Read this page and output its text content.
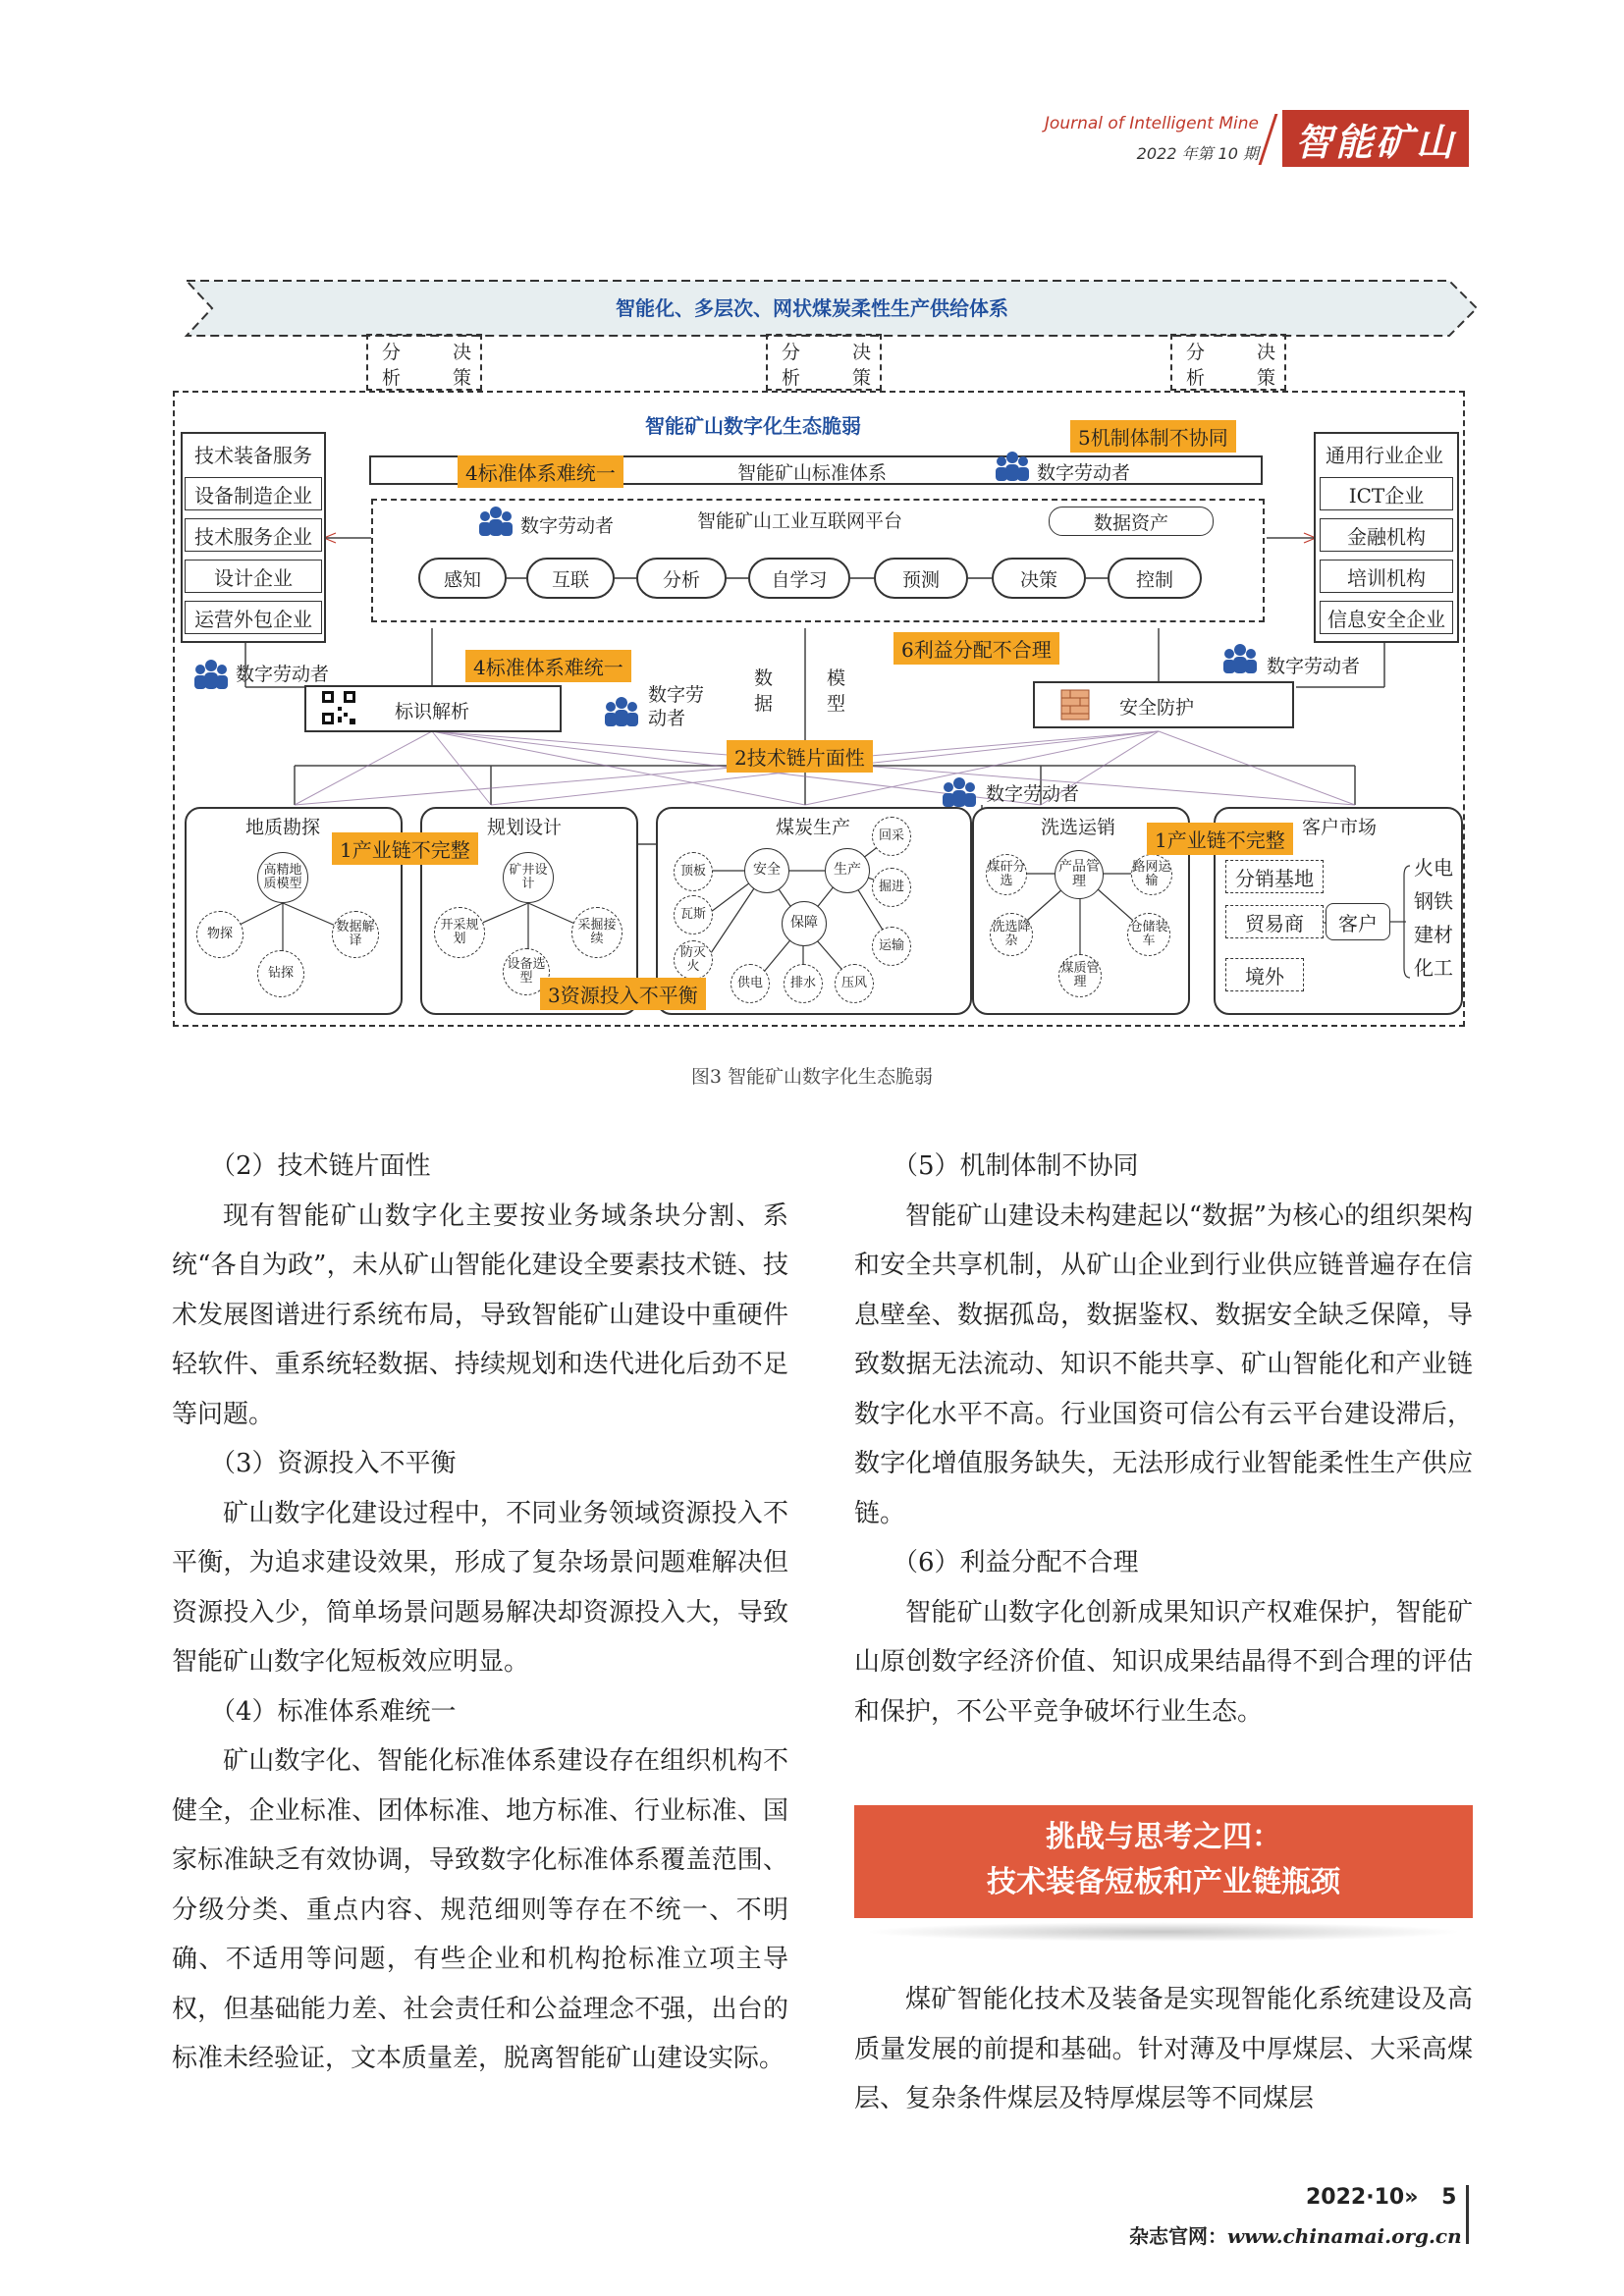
Journal of Intelligent Mine
2022 年第 10 期 智能矿山
智能化、多层次、网状煤炭柔性生产供给体系
分
析
决
策
分
析
决
策
分
析
决
策
智能矿山数字化生态脆弱
技术装备服务
设备制造企业
技术服务企业
设计企业
运营外包企业
通用行业企业
ICT企业
金融机构
培训机构
信息安全企业
智能矿山标准体系
智能矿山工业互联网平台	数据资产
数字劳动者
数字劳动者
数字劳动者
数字劳动者
数字劳动者
数字劳动者
感知	互联	分析	自学习	预测	决策	控制
标识解析	安全防护
数
据
模
型
4标准体系难统一
5机制体制不协同
4标准体系难统一
6利益分配不合理
2技术链片面性
地质勘探
高精地质模型
物探
钻探
数据解译
规划设计
矿井设计
开采规划
设备选型
采掘接续
煤炭生产
安全	生产
保障
顶板
瓦斯
防灭火
回采
掘进
运输
供电	排水	压风
洗选运销
产品管理
煤矸分选
洗选降杂
煤质管理
仓储装车
路网运输
客户市场
分销基地
贸易商
境外
客户
火电
钢铁
建材
化工
1产业链不完整	1产业链不完整
3资源投入不平衡
图3 智能矿山数字化生态脆弱

（2）技术链片面性

现有智能矿山数字化主要按业务域条块分割、系统“各自为政”，未从矿山智能化建设全要素技术链、技术发展图谱进行系统布局，导致智能矿山建设中重硬件轻软件、重系统轻数据、持续规划和迭代进化后劲不足等问题。

（3）资源投入不平衡

矿山数字化建设过程中，不同业务领域资源投入不平衡，为追求建设效果，形成了复杂场景问题难解决但资源投入少，简单场景问题易解决却资源投入大，导致智能矿山数字化短板效应明显。

（4）标准体系难统一

矿山数字化、智能化标准体系建设存在组织机构不健全，企业标准、团体标准、地方标准、行业标准、国家标准缺乏有效协调，导致数字化标准体系覆盖范围、分级分类、重点内容、规范细则等存在不统一、不明确、不适用等问题，有些企业和机构抢标准立项主导权，但基础能力差、社会责任和公益理念不强，出台的标准未经验证，文本质量差，脱离智能矿山建设实际。

（5）机制体制不协同

智能矿山建设未构建起以“数据”为核心的组织架构和安全共享机制，从矿山企业到行业供应链普遍存在信息壁垒、数据孤岛，数据鉴权、数据安全缺乏保障，导致数据无法流动、知识不能共享、矿山智能化和产业链数字化水平不高。行业国资可信公有云平台建设滞后，数字化增值服务缺失，无法形成行业智能柔性生产供应链。

（6）利益分配不合理

智能矿山数字化创新成果知识产权难保护，智能矿山原创数字经济价值、知识成果结晶得不到合理的评估和保护，不公平竞争破坏行业生态。

挑战与思考之四：
技术装备短板和产业链瓶颈

煤矿智能化技术及装备是实现智能化系统建设及高质量发展的前提和基础。针对薄及中厚煤层、大采高煤层、复杂条件煤层及特厚煤层等不同煤层

2022·10» 5
杂志官网：www.chinamai.org.cn
